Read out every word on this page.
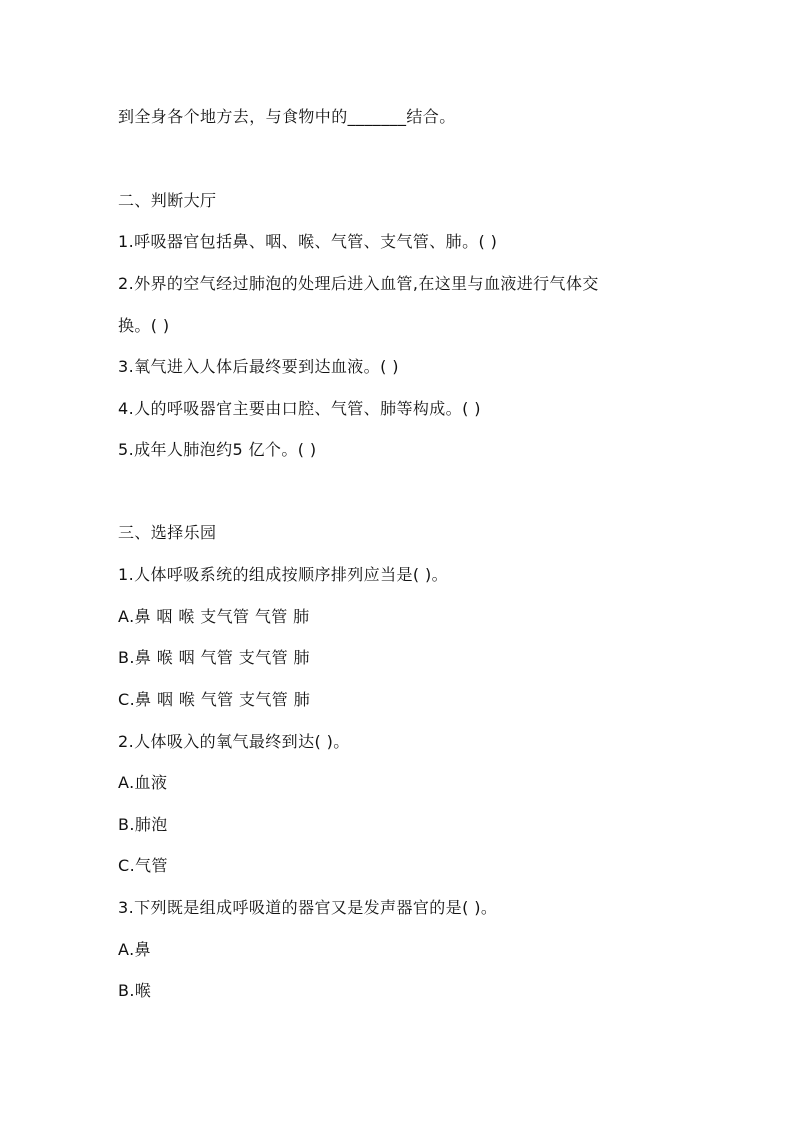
到全身各个地方去，与食物中的_______结合。
二、判断大厅
1.呼吸器官包括鼻、咽、喉、气管、支气管、肺。( )
2.外界的空气经过肺泡的处理后进入血管,在这里与血液进行气体交
换。( )
3.氧气进入人体后最终要到达血液。( )
4.人的呼吸器官主要由口腔、气管、肺等构成。( )
5.成年人肺泡约5 亿个。( )
三、选择乐园
1.人体呼吸系统的组成按顺序排列应当是( )。
A.鼻 咽 喉 支气管 气管 肺
B.鼻 喉 咽 气管 支气管 肺
C.鼻 咽 喉 气管 支气管 肺
2.人体吸入的氧气最终到达( )。
A.血液
B.肺泡
C.气管
3.下列既是组成呼吸道的器官又是发声器官的是( )。
A.鼻
B.喉
